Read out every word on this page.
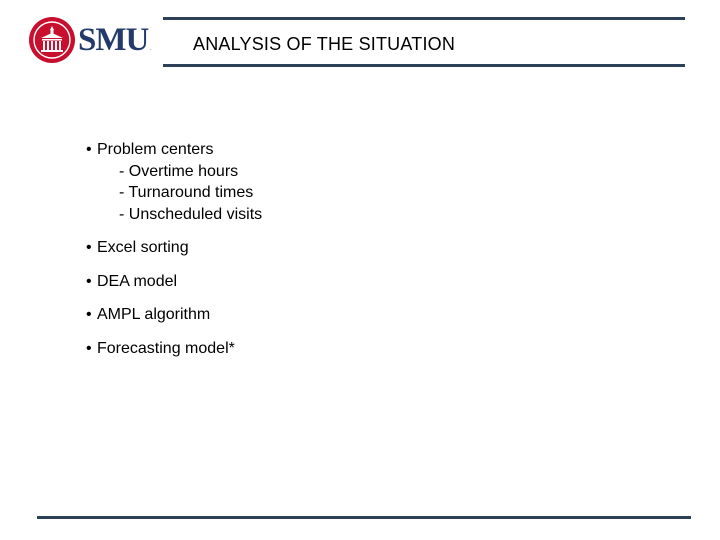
SMU . ANALYSIS OF THE SITUATION
• Problem centers
- Overtime hours
- Turnaround times
- Unscheduled visits
• Excel sorting
• DEA model
• AMPL algorithm
• Forecasting model*
